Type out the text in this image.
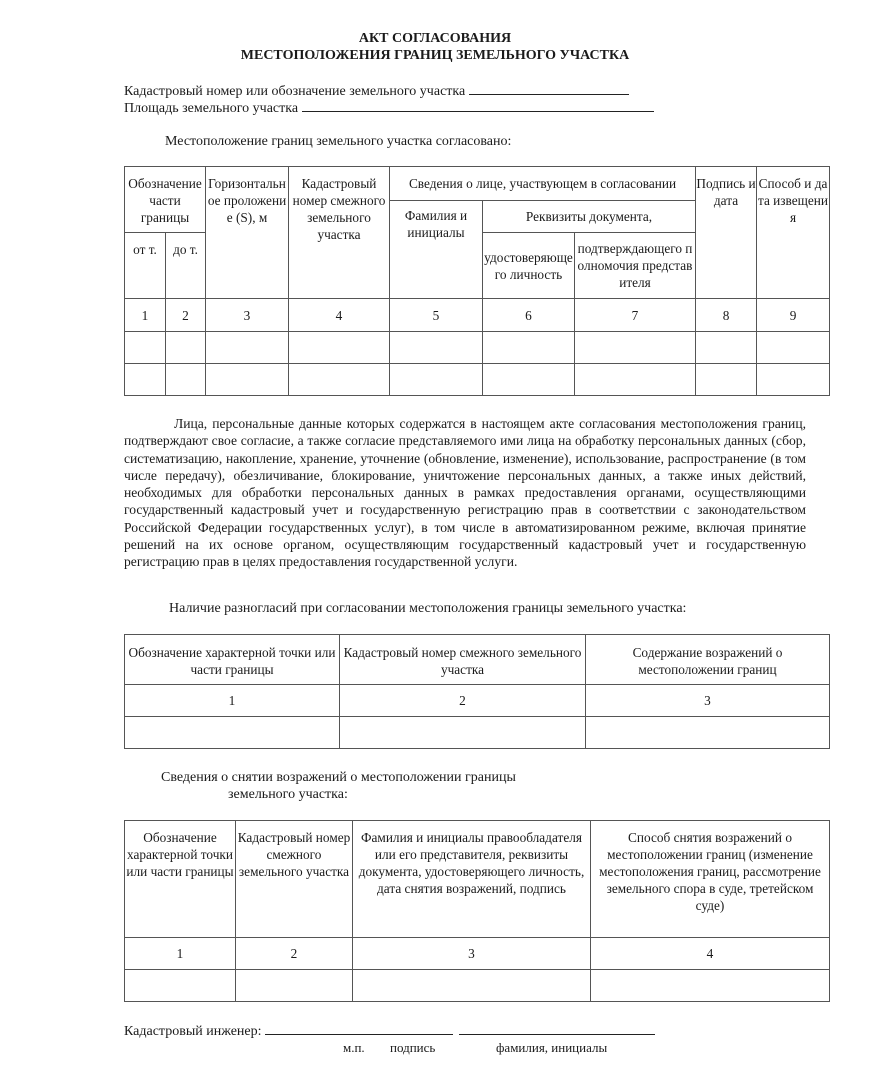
АКТ СОГЛАСОВАНИЯ
МЕСТОПОЛОЖЕНИЯ ГРАНИЦ ЗЕМЕЛЬНОГО УЧАСТКА
Кадастровый номер или обозначение земельного участка
Площадь земельного участка
Местоположение границ земельного участка согласовано:
Обозначение части границы		Горизонтальное проложение (S), м	Кадастровый номер смежного земельного участка	Сведения о лице, участвующем в согласовании			Подпись и дата	Способ и дата извещения
				Фамилия и инициалы	Реквизиты документа,			
от т.	до т.				удостоверяющего личность	подтверждающего полномочия представителя		
1	2	3	4	5	6	7	8	9

Лица, персональные данные которых содержатся в настоящем акте согласования местоположения границ, подтверждают свое согласие, а также согласие представляемого ими лица на обработку персональных данных (сбор, систематизацию, накопление, хранение, уточнение (обновление, изменение), использование, распространение (в том числе передачу), обезличивание, блокирование, уничтожение персональных данных, а также иных действий, необходимых для обработки персональных данных в рамках предоставления органами, осуществляющими государственный кадастровый учет и государственную регистрацию прав в соответствии с законодательством Российской Федерации государственных услуг), в том числе в автоматизированном режиме, включая принятие решений на их основе органом, осуществляющим государственный кадастровый учет и государственную регистрацию прав в целях предоставления государственной услуги.
Наличие разногласий при согласовании местоположения границы земельного участка:
Обозначение характерной точки или части границы	Кадастровый номер смежного земельного участка	Содержание возражений о местоположении границ
1	2	3

Сведения о снятии возражений о местоположении границы
земельного участка:
Обозначение характерной точки или части границы	Кадастровый номер смежного земельного участка	Фамилия и инициалы правообладателя или его представителя, реквизиты документа, удостоверяющего личность, дата снятия возражений, подпись	Способ снятия возражений о местоположении границ (изменение местоположения границ, рассмотрение земельного спора в суде, третейском суде)
1	2	3	4

Кадастровый инженер:
м.п. подпись	фамилия, инициалы
